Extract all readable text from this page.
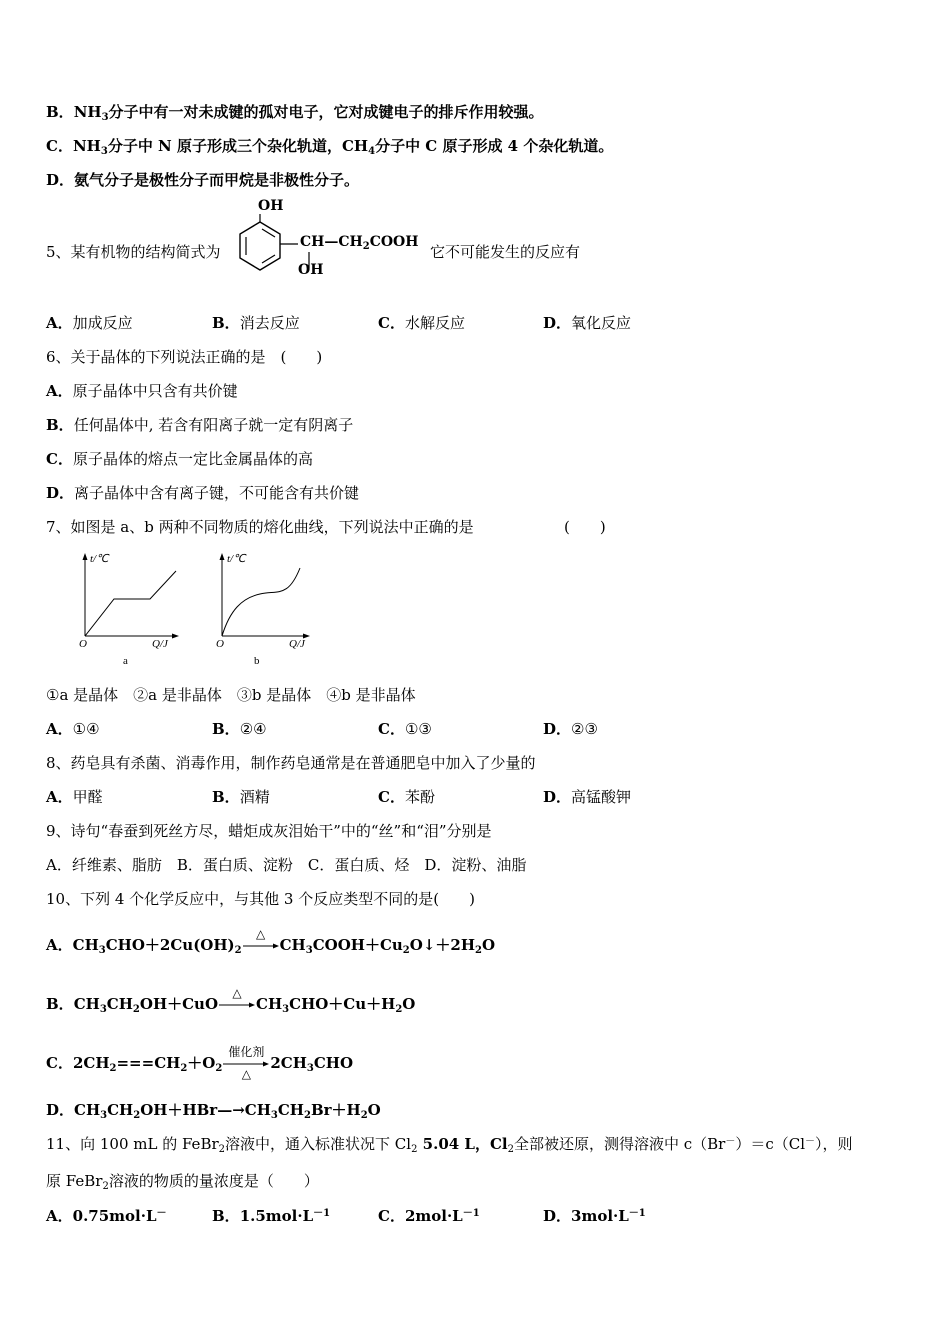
B．$NH_3$分子中有一对未成键的孤对电子，它对成键电子的排斥作用较强。
C．$NH_3$分子中 N 原子形成三个杂化轨道，$CH_4$分子中 C 原子形成 4 个杂化轨道。
D．氨气分子是极性分子而甲烷是非极性分子。
5、某有机物的结构简式为
OH
$CH—CH_2COOH$
OH
它不可能发生的反应有
A．加成反应	B．消去反应	C．水解反应	D．氧化反应
6、关于晶体的下列说法正确的是　(　　)
A．原子晶体中只含有共价键
B．任何晶体中, 若含有阳离子就一定有阴离子
C．原子晶体的熔点一定比金属晶体的高
D．离子晶体中含有离子键，不可能含有共价键
7、如图是 a、b 两种不同物质的熔化曲线，下列说法中正确的是	(　　)
t/℃
O	Q/J
a
t/℃
O	Q/J
b
①a 是晶体　②a 是非晶体　③b 是晶体　④b 是非晶体
A．①④	B．②④	C．①③	D．②③
8、药皂具有杀菌、消毒作用，制作药皂通常是在普通肥皂中加入了少量的
A．甲醛	B．酒精	C．苯酚	D．高锰酸钾
9、诗句“春蚕到死丝方尽，蜡炬成灰泪始干”中的“丝”和“泪”分别是
A．纤维素、脂肪　B．蛋白质、淀粉　C．蛋白质、烃　D．淀粉、油脂
10、下列 4 个化学反应中，与其他 3 个反应类型不同的是(　　)
A．$CH_3CHO+2Cu(OH)_2$
△
$CH_3COOH+Cu_2O↓+2H_2O$
B．$CH_3CH_2OH+CuO$
△
$CH_3CHO+Cu+H_2O$
C．$2CH_2===CH_2+O_2$
催化剂
△
$2CH_3CHO$
D．$CH_3CH_2OH+HBr—\to CH_3CH_2Br+H_2O$
11、向 100 mL 的 FeBr$_2$溶液中，通入标准状况下 $Cl_2$ 5.04 L，$Cl_2$全部被还原，测得溶液中 c（Br－）＝c（Cl－），则
原 FeBr$_2$溶液的物质的量浓度是（　　）
A．0.75mol·L－	B．$1.5mol\cdot L^{-1}$	C．$2mol\cdot L^{-1}$	D．$3mol\cdot L^{-1}$
